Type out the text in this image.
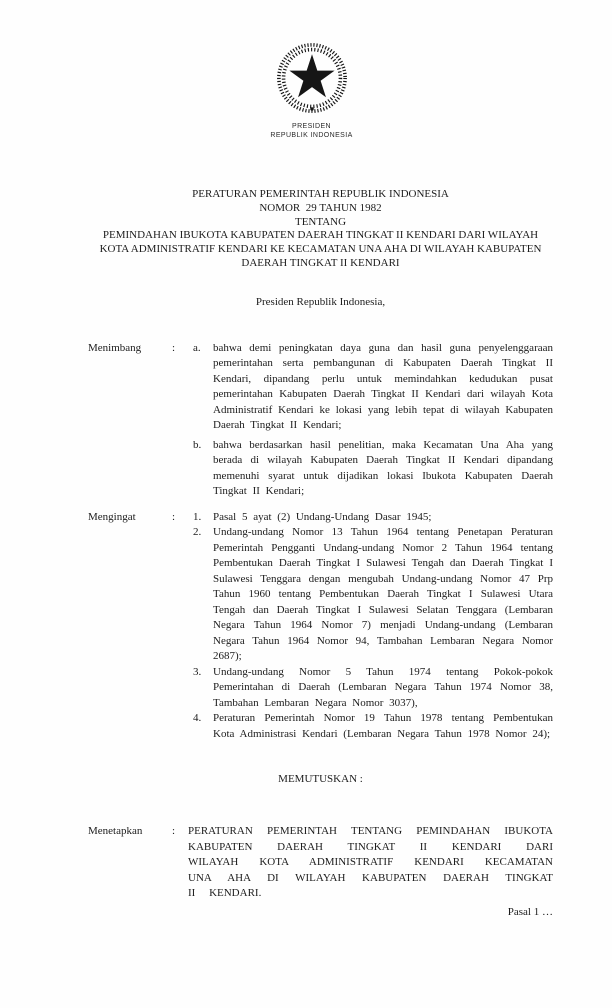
PRESIDEN
REPUBLIK INDONESIA
PERATURAN PEMERINTAH REPUBLIK INDONESIA
NOMOR  29 TAHUN 1982
TENTANG
PEMINDAHAN IBUKOTA KABUPATEN DAERAH TINGKAT II KENDARI DARI WILAYAH KOTA ADMINISTRATIF KENDARI KE KECAMATAN UNA AHA DI WILAYAH KABUPATEN DAERAH TINGKAT II KENDARI
Presiden Republik Indonesia,
Menimbang	:	a.	bahwa demi peningkatan daya guna dan hasil guna penyelenggaraan pemerintahan serta pembangunan di Kabupaten Daerah Tingkat II Kendari, dipandang perlu untuk memindahkan kedudukan pusat pemerintahan Kabupaten Daerah Tingkat II Kendari dari wilayah Kota Administratif Kendari ke lokasi yang lebih tepat di wilayah Kabupaten Daerah Tingkat II Kendari;
b.	bahwa berdasarkan hasil penelitian, maka Kecamatan Una Aha yang berada di wilayah Kabupaten Daerah Tingkat II Kendari dipandang memenuhi syarat untuk dijadikan lokasi Ibukota Kabupaten Daerah Tingkat II Kendari;
Mengingat	:	1.	Pasal 5 ayat (2) Undang-Undang Dasar 1945;
2.	Undang-undang Nomor 13 Tahun 1964 tentang Penetapan Peraturan Pemerintah Pengganti Undang-undang Nomor 2 Tahun 1964 tentang Pembentukan Daerah Tingkat I Sulawesi Tengah dan Daerah Tingkat I Sulawesi Tenggara dengan mengubah Undang-undang Nomor 47 Prp Tahun 1960 tentang Pembentukan Daerah Tingkat I Sulawesi Utara Tengah dan Daerah Tingkat I Sulawesi Selatan Tenggara (Lembaran Negara Tahun 1964 Nomor 7) menjadi Undang-undang (Lembaran Negara Tahun 1964 Nomor 94, Tambahan Lembaran Negara Nomor 2687);
3.	Undang-undang Nomor 5 Tahun 1974 tentang Pokok-pokok Pemerintahan di Daerah (Lembaran Negara Tahun 1974 Nomor 38, Tambahan Lembaran Negara Nomor 3037),
4.	Peraturan Pemerintah Nomor 19 Tahun 1978 tentang Pembentukan Kota Administrasi Kendari (Lembaran Negara Tahun 1978 Nomor 24);
MEMUTUSKAN :
Menetapkan	:	PERATURAN PEMERINTAH TENTANG PEMINDAHAN IBUKOTA KABUPATEN DAERAH TINGKAT II KENDARI DARI WILAYAH KOTA ADMINISTRATIF KENDARI KECAMATAN UNA AHA DI WILAYAH KABUPATEN DAERAH TINGKAT II KENDARI.
Pasal 1 …
